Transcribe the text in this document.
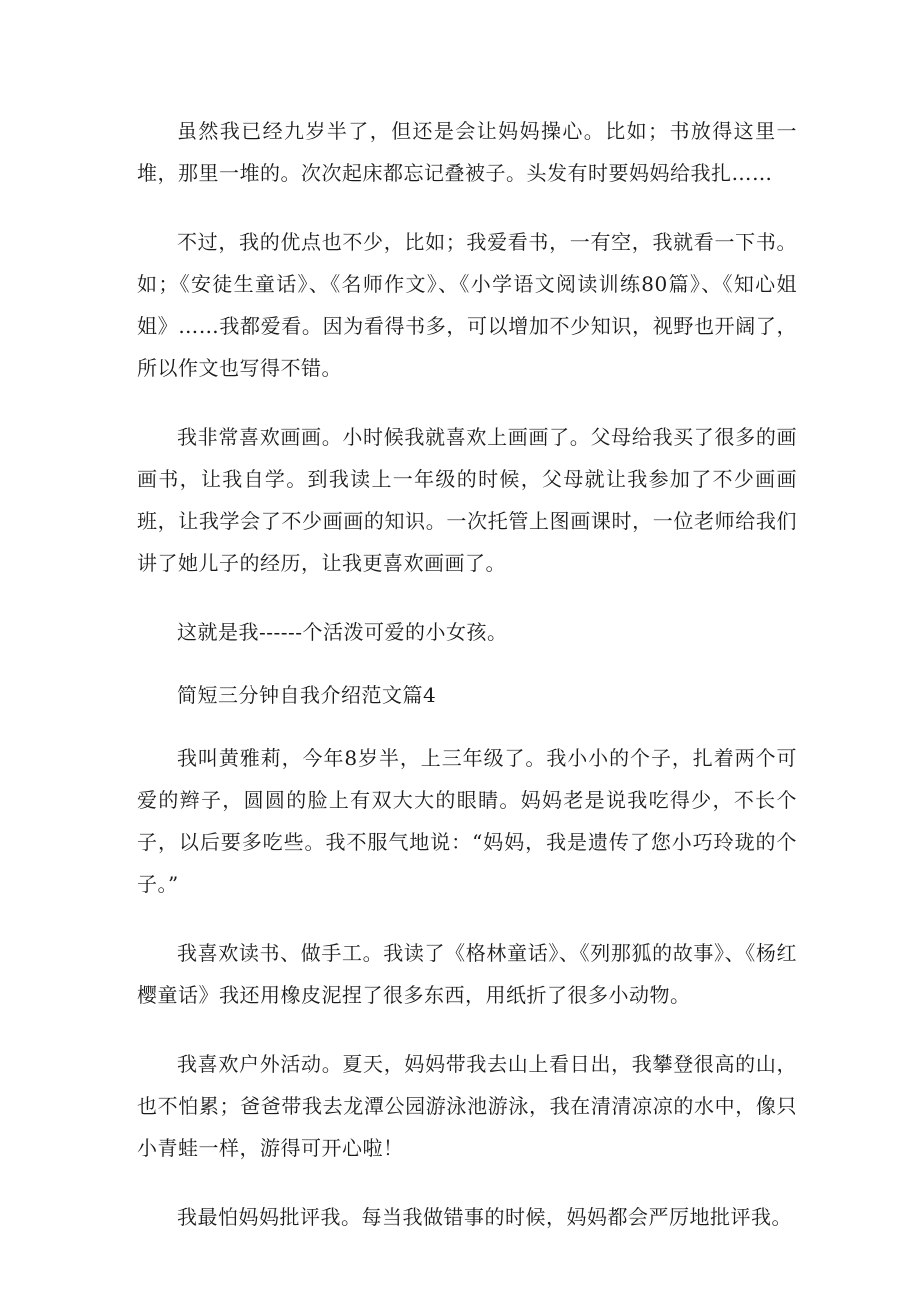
虽然我已经九岁半了，但还是会让妈妈操心。比如；书放得这里一堆，那里一堆的。次次起床都忘记叠被子。头发有时要妈妈给我扎……

不过，我的优点也不少，比如；我爱看书，一有空，我就看一下书。如；《安徒生童话》、《名师作文》、《小学语文阅读训练80篇》、《知心姐姐》……我都爱看。因为看得书多，可以增加不少知识，视野也开阔了，所以作文也写得不错。

我非常喜欢画画。小时候我就喜欢上画画了。父母给我买了很多的画画书，让我自学。到我读上一年级的时候，父母就让我参加了不少画画班，让我学会了不少画画的知识。一次托管上图画课时，一位老师给我们讲了她儿子的经历，让我更喜欢画画了。

这就是我------个活泼可爱的小女孩。

简短三分钟自我介绍范文篇4

我叫黄雅莉，今年8岁半，上三年级了。我小小的个子，扎着两个可爱的辫子，圆圆的脸上有双大大的眼睛。妈妈老是说我吃得少，不长个子，以后要多吃些。我不服气地说：“妈妈，我是遗传了您小巧玲珑的个子。”

我喜欢读书、做手工。我读了《格林童话》、《列那狐的故事》、《杨红樱童话》我还用橡皮泥捏了很多东西，用纸折了很多小动物。

我喜欢户外活动。夏天，妈妈带我去山上看日出，我攀登很高的山，也不怕累；爸爸带我去龙潭公园游泳池游泳，我在清清凉凉的水中，像只小青蛙一样，游得可开心啦！

我最怕妈妈批评我。每当我做错事的时候，妈妈都会严厉地批评我。
